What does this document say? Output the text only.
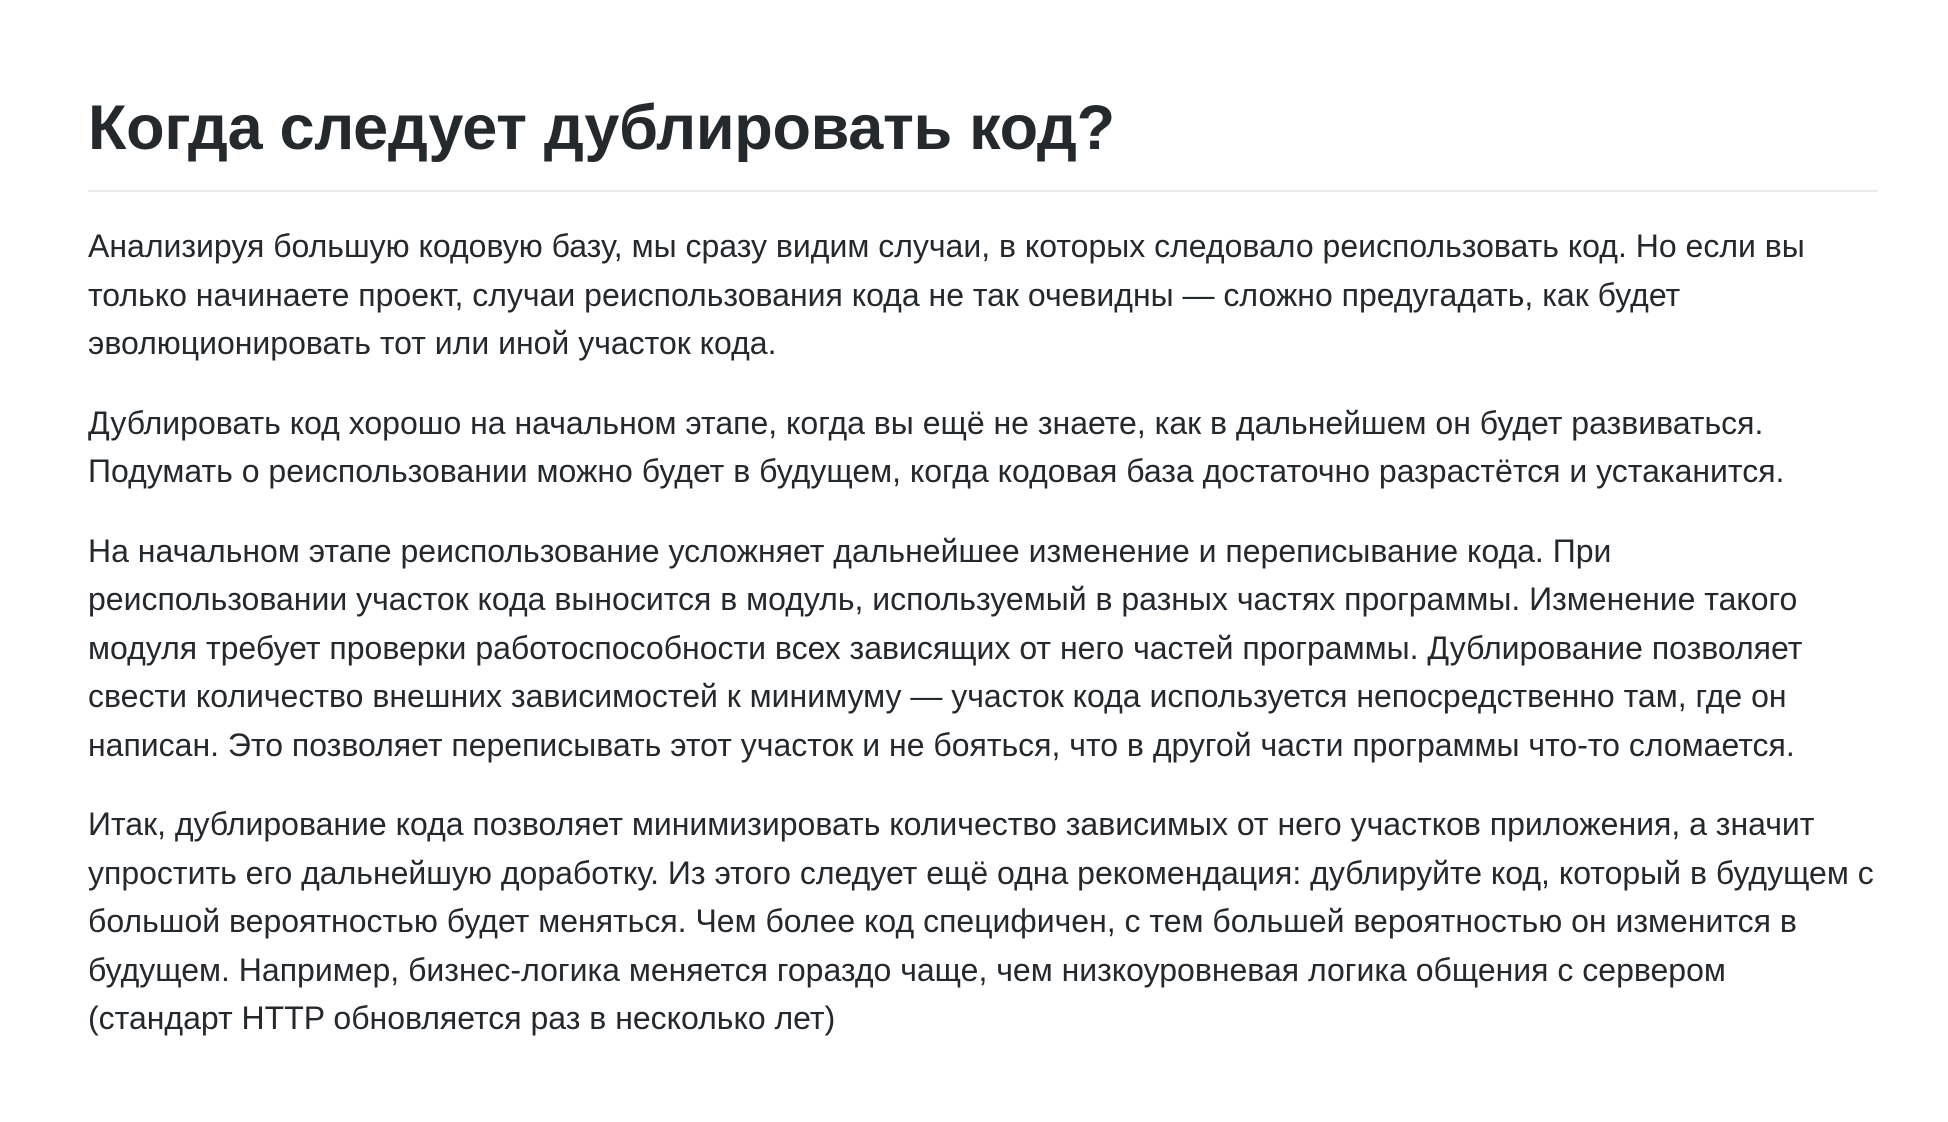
Когда следует дублировать код?

Анализируя большую кодовую базу, мы сразу видим случаи, в которых следовало реиспользовать код. Но если вы только начинаете проект, случаи реиспользования кода не так очевидны — сложно предугадать, как будет эволюционировать тот или иной участок кода.

Дублировать код хорошо на начальном этапе, когда вы ещё не знаете, как в дальнейшем он будет развиваться. Подумать о реиспользовании можно будет в будущем, когда кодовая база достаточно разрастётся и устаканится.

На начальном этапе реиспользование усложняет дальнейшее изменение и переписывание кода. При реиспользовании участок кода выносится в модуль, используемый в разных частях программы. Изменение такого модуля требует проверки работоспособности всех зависящих от него частей программы. Дублирование позволяет свести количество внешних зависимостей к минимуму — участок кода используется непосредственно там, где он написан. Это позволяет переписывать этот участок и не бояться, что в другой части программы что-то сломается.

Итак, дублирование кода позволяет минимизировать количество зависимых от него участков приложения, а значит упростить его дальнейшую доработку. Из этого следует ещё одна рекомендация: дублируйте код, который в будущем с большой вероятностью будет меняться. Чем более код специфичен, с тем большей вероятностью он изменится в будущем. Например, бизнес-логика меняется гораздо чаще, чем низкоуровневая логика общения с сервером (стандарт HTTP обновляется раз в несколько лет)
